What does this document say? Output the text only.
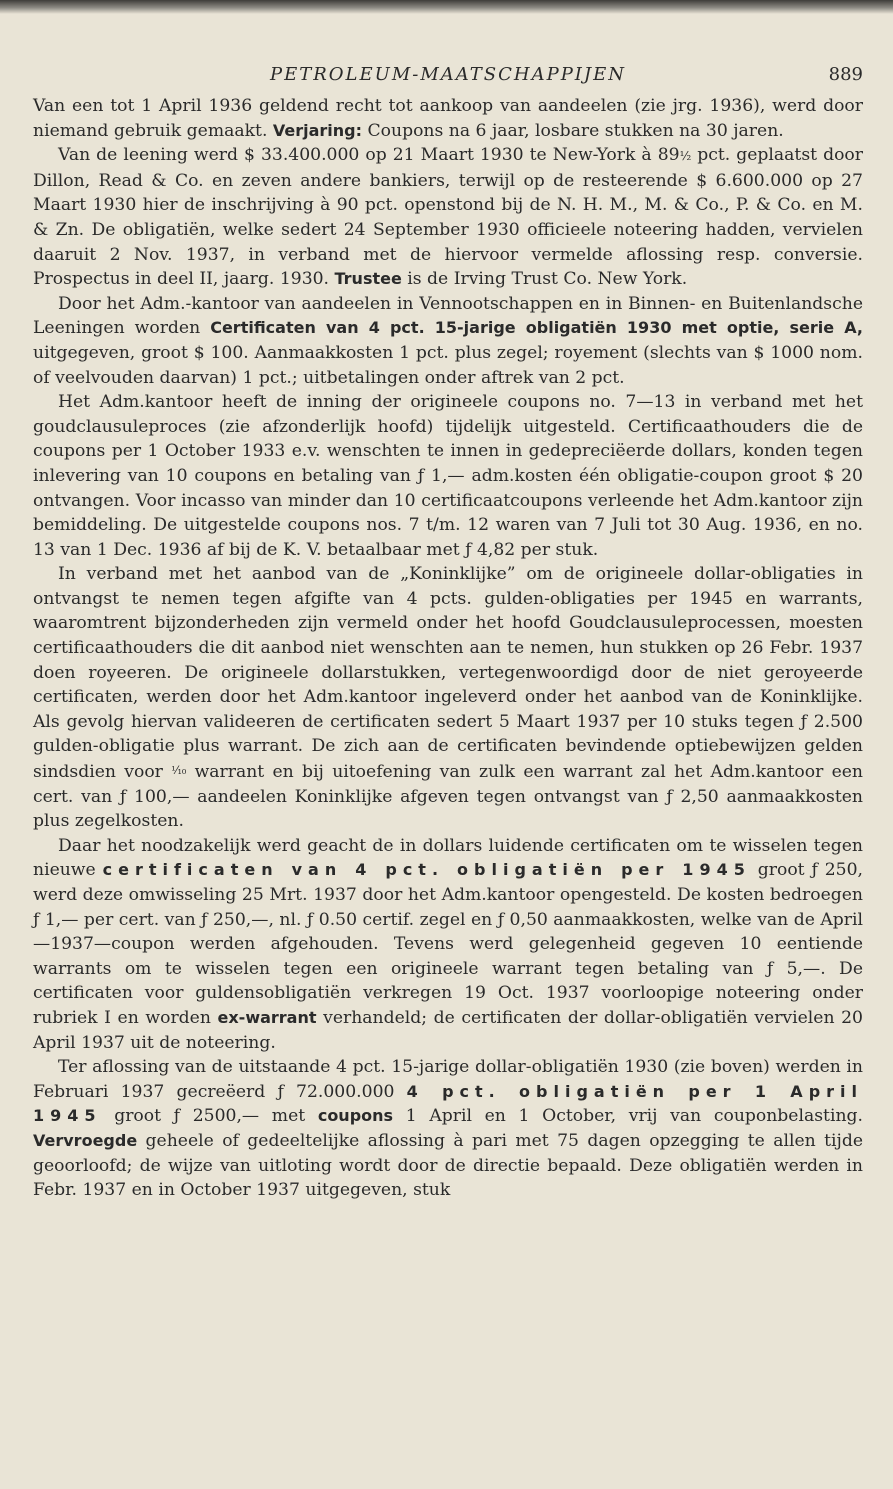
PETROLEUM-MAATSCHAPPIJEN	889

Van een tot 1 April 1936 geldend recht tot aankoop van aandeelen (zie jrg. 1936), werd door niemand gebruik gemaakt. Verjaring: Coupons na 6 jaar, losbare stukken na 30 jaren.

Van de leening werd $ 33.400.000 op 21 Maart 1930 te New-York à 89½ pct. geplaatst door Dillon, Read & Co. en zeven andere bankiers, terwijl op de resteerende $ 6.600.000 op 27 Maart 1930 hier de inschrijving à 90 pct. openstond bij de N. H. M., M. & Co., P. & Co. en M. & Zn. De obligatiën, welke sedert 24 September 1930 officieele noteering hadden, vervielen daaruit 2 Nov. 1937, in verband met de hiervoor vermelde aflossing resp. conversie. Prospectus in deel II, jaarg. 1930. Trustee is de Irving Trust Co. New York.

Door het Adm.-kantoor van aandeelen in Vennootschappen en in Binnen- en Buitenlandsche Leeningen worden Certificaten van 4 pct. 15-jarige obligatiën 1930 met optie, serie A, uitgegeven, groot $ 100. Aanmaakkosten 1 pct. plus zegel; royement (slechts van $ 1000 nom. of veelvouden daarvan) 1 pct.; uitbetalingen onder aftrek van 2 pct.

Het Adm.kantoor heeft de inning der origineele coupons no. 7—13 in verband met het goudclausuleproces (zie afzonderlijk hoofd) tijdelijk uitgesteld. Certificaathouders die de coupons per 1 October 1933 e.v. wenschten te innen in gedepreciëerde dollars, konden tegen inlevering van 10 coupons en betaling van ƒ 1,— adm.kosten één obligatie-coupon groot $ 20 ontvangen. Voor incasso van minder dan 10 certificaatcoupons verleende het Adm.kantoor zijn bemiddeling. De uitgestelde coupons nos. 7 t/m. 12 waren van 7 Juli tot 30 Aug. 1936, en no. 13 van 1 Dec. 1936 af bij de K. V. betaalbaar met ƒ 4,82 per stuk.

In verband met het aanbod van de „Koninklijke” om de origineele dollar-obligaties in ontvangst te nemen tegen afgifte van 4 pcts. gulden-obligaties per 1945 en warrants, waaromtrent bijzonderheden zijn vermeld onder het hoofd Goudclausuleprocessen, moesten certificaathouders die dit aanbod niet wenschten aan te nemen, hun stukken op 26 Febr. 1937 doen royeeren. De origineele dollarstukken, vertegenwoordigd door de niet geroyeerde certificaten, werden door het Adm.kantoor ingeleverd onder het aanbod van de Koninklijke. Als gevolg hiervan valideeren de certificaten sedert 5 Maart 1937 per 10 stuks tegen ƒ 2.500 gulden-obligatie plus warrant. De zich aan de certificaten bevindende optiebewijzen gelden sindsdien voor ¹⁄₁₀ warrant en bij uitoefening van zulk een warrant zal het Adm.kantoor een cert. van ƒ 100,— aandeelen Koninklijke afgeven tegen ontvangst van ƒ 2,50 aanmaakkosten plus zegelkosten.

Daar het noodzakelijk werd geacht de in dollars luidende certificaten om te wisselen tegen nieuwe certificaten van 4 pct. obligatiën per 1945 groot ƒ 250, werd deze omwisseling 25 Mrt. 1937 door het Adm.kantoor opengesteld. De kosten bedroegen ƒ 1,— per cert. van ƒ 250,—, nl. ƒ 0.50 certif. zegel en ƒ 0,50 aanmaakkosten, welke van de April—1937—coupon werden afgehouden. Tevens werd gelegenheid gegeven 10 eentiende warrants om te wisselen tegen een origineele warrant tegen betaling van ƒ 5,—. De certificaten voor guldensobligatiën verkregen 19 Oct. 1937 voorloopige noteering onder rubriek I en worden ex-warrant verhandeld; de certificaten der dollar-obligatiën vervielen 20 April 1937 uit de noteering.

Ter aflossing van de uitstaande 4 pct. 15-jarige dollar-obligatiën 1930 (zie boven) werden in Februari 1937 gecreëerd ƒ 72.000.000 4 pct. obligatiën per 1 April 1945 groot ƒ 2500,— met coupons 1 April en 1 October, vrij van couponbelasting. Vervroegde geheele of gedeeltelijke aflossing à pari met 75 dagen opzegging te allen tijde geoorloofd; de wijze van uitloting wordt door de directie bepaald. Deze obligatiën werden in Febr. 1937 en in October 1937 uitgegeven, stuk
